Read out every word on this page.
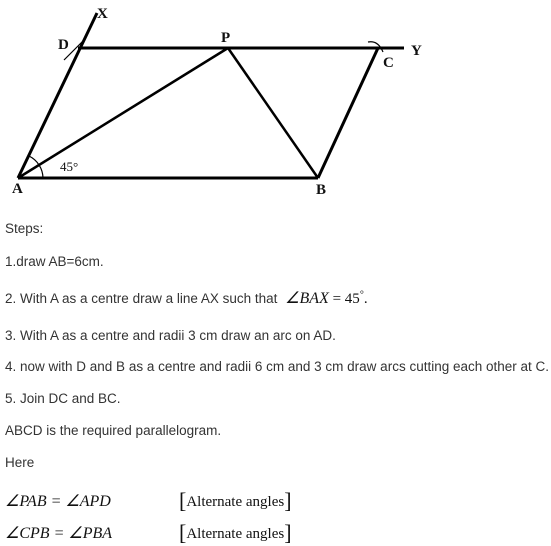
X
D	P
Y
C
A	B
45°
Steps:
1.draw AB=6cm.
2. With A as a centre draw a line AX such that ∠BAX = 45°.
3. With A as a centre and radii 3 cm draw an arc on AD.
4. now with D and B as a centre and radii 6 cm and 3 cm draw arcs cutting each other at C.
5. Join DC and BC.
ABCD is the required parallelogram.
Here
∠PAB = ∠APD	[Alternate angles]
∠CPB = ∠PBA	[Alternate angles]
